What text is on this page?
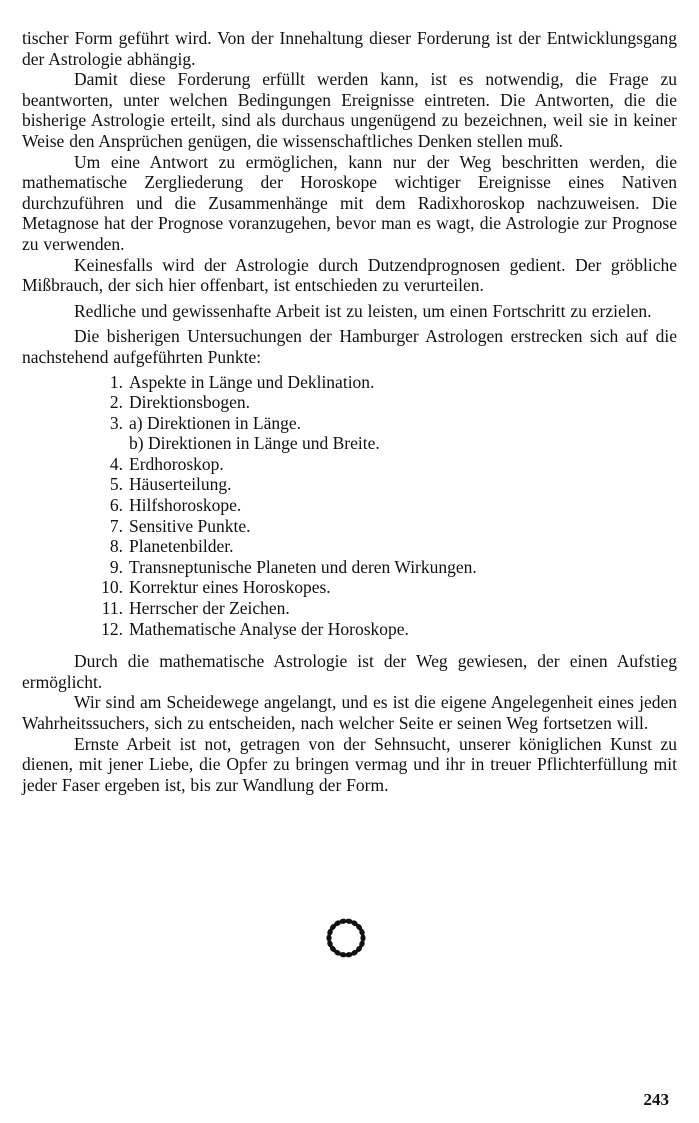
tischer Form geführt wird. Von der Innehaltung dieser Forderung ist der Entwicklungsgang der Astrologie abhängig.

Damit diese Forderung erfüllt werden kann, ist es notwendig, die Frage zu beantworten, unter welchen Bedingungen Ereignisse eintreten. Die Antworten, die die bisherige Astrologie erteilt, sind als durchaus ungenügend zu bezeichnen, weil sie in keiner Weise den Ansprüchen genügen, die wissenschaftliches Denken stellen muß.

Um eine Antwort zu ermöglichen, kann nur der Weg beschritten werden, die mathematische Zergliederung der Horoskope wichtiger Ereignisse eines Nativen durchzuführen und die Zusammenhänge mit dem Radixhoroskop nachzuweisen. Die Metagnose hat der Prognose voranzugehen, bevor man es wagt, die Astrologie zur Prognose zu verwenden.

Keinesfalls wird der Astrologie durch Dutzendprognosen gedient. Der gröbliche Mißbrauch, der sich hier offenbart, ist entschieden zu verurteilen.

Redliche und gewissenhafte Arbeit ist zu leisten, um einen Fortschritt zu erzielen.

Die bisherigen Untersuchungen der Hamburger Astrologen erstrecken sich auf die nachstehend aufgeführten Punkte:

1. Aspekte in Länge und Deklination.
2. Direktionsbogen.
3. a) Direktionen in Länge.
b) Direktionen in Länge und Breite.
4. Erdhoroskop.
5. Häuserteilung.
6. Hilfshoroskope.
7. Sensitive Punkte.
8. Planetenbilder.
9. Transneptunische Planeten und deren Wirkungen.
10. Korrektur eines Horoskopes.
11. Herrscher der Zeichen.
12. Mathematische Analyse der Horoskope.

Durch die mathematische Astrologie ist der Weg gewiesen, der einen Aufstieg ermöglicht.

Wir sind am Scheidewege angelangt, und es ist die eigene Angelegenheit eines jeden Wahrheitssuchers, sich zu entscheiden, nach welcher Seite er seinen Weg fortsetzen will.

Ernste Arbeit ist not, getragen von der Sehnsucht, unserer königlichen Kunst zu dienen, mit jener Liebe, die Opfer zu bringen vermag und ihr in treuer Pflichterfüllung mit jeder Faser ergeben ist, bis zur Wandlung der Form.

243
